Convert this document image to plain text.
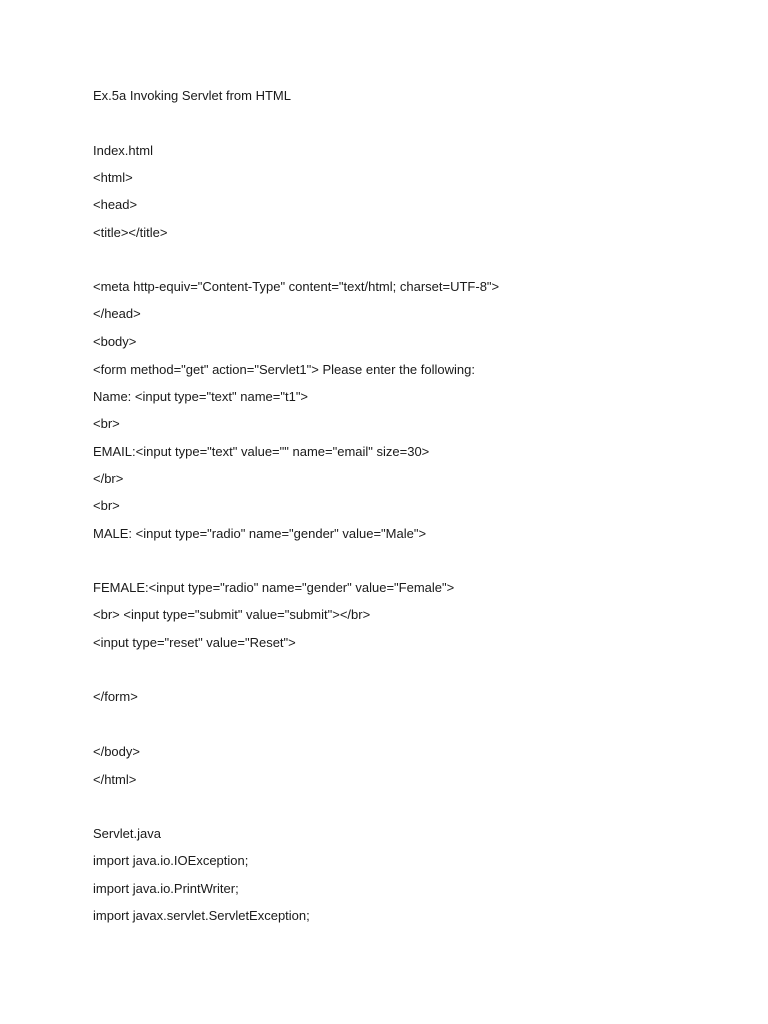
Ex.5a Invoking Servlet from HTML
Index.html
<html>
<head>
<title></title>
<meta http-equiv="Content-Type" content="text/html; charset=UTF-8">
</head>
<body>
<form method="get" action="Servlet1"> Please enter the following:
Name: <input type="text" name="t1">
<br>
EMAIL:<input type="text" value="" name="email" size=30>
</br>
<br>
MALE: <input type="radio" name="gender" value="Male">
FEMALE:<input type="radio" name="gender" value="Female">
<br> <input type="submit" value="submit"></br>
<input type="reset" value="Reset">
</form>
</body>
</html>
Servlet.java
import java.io.IOException;
import java.io.PrintWriter;
import javax.servlet.ServletException;
